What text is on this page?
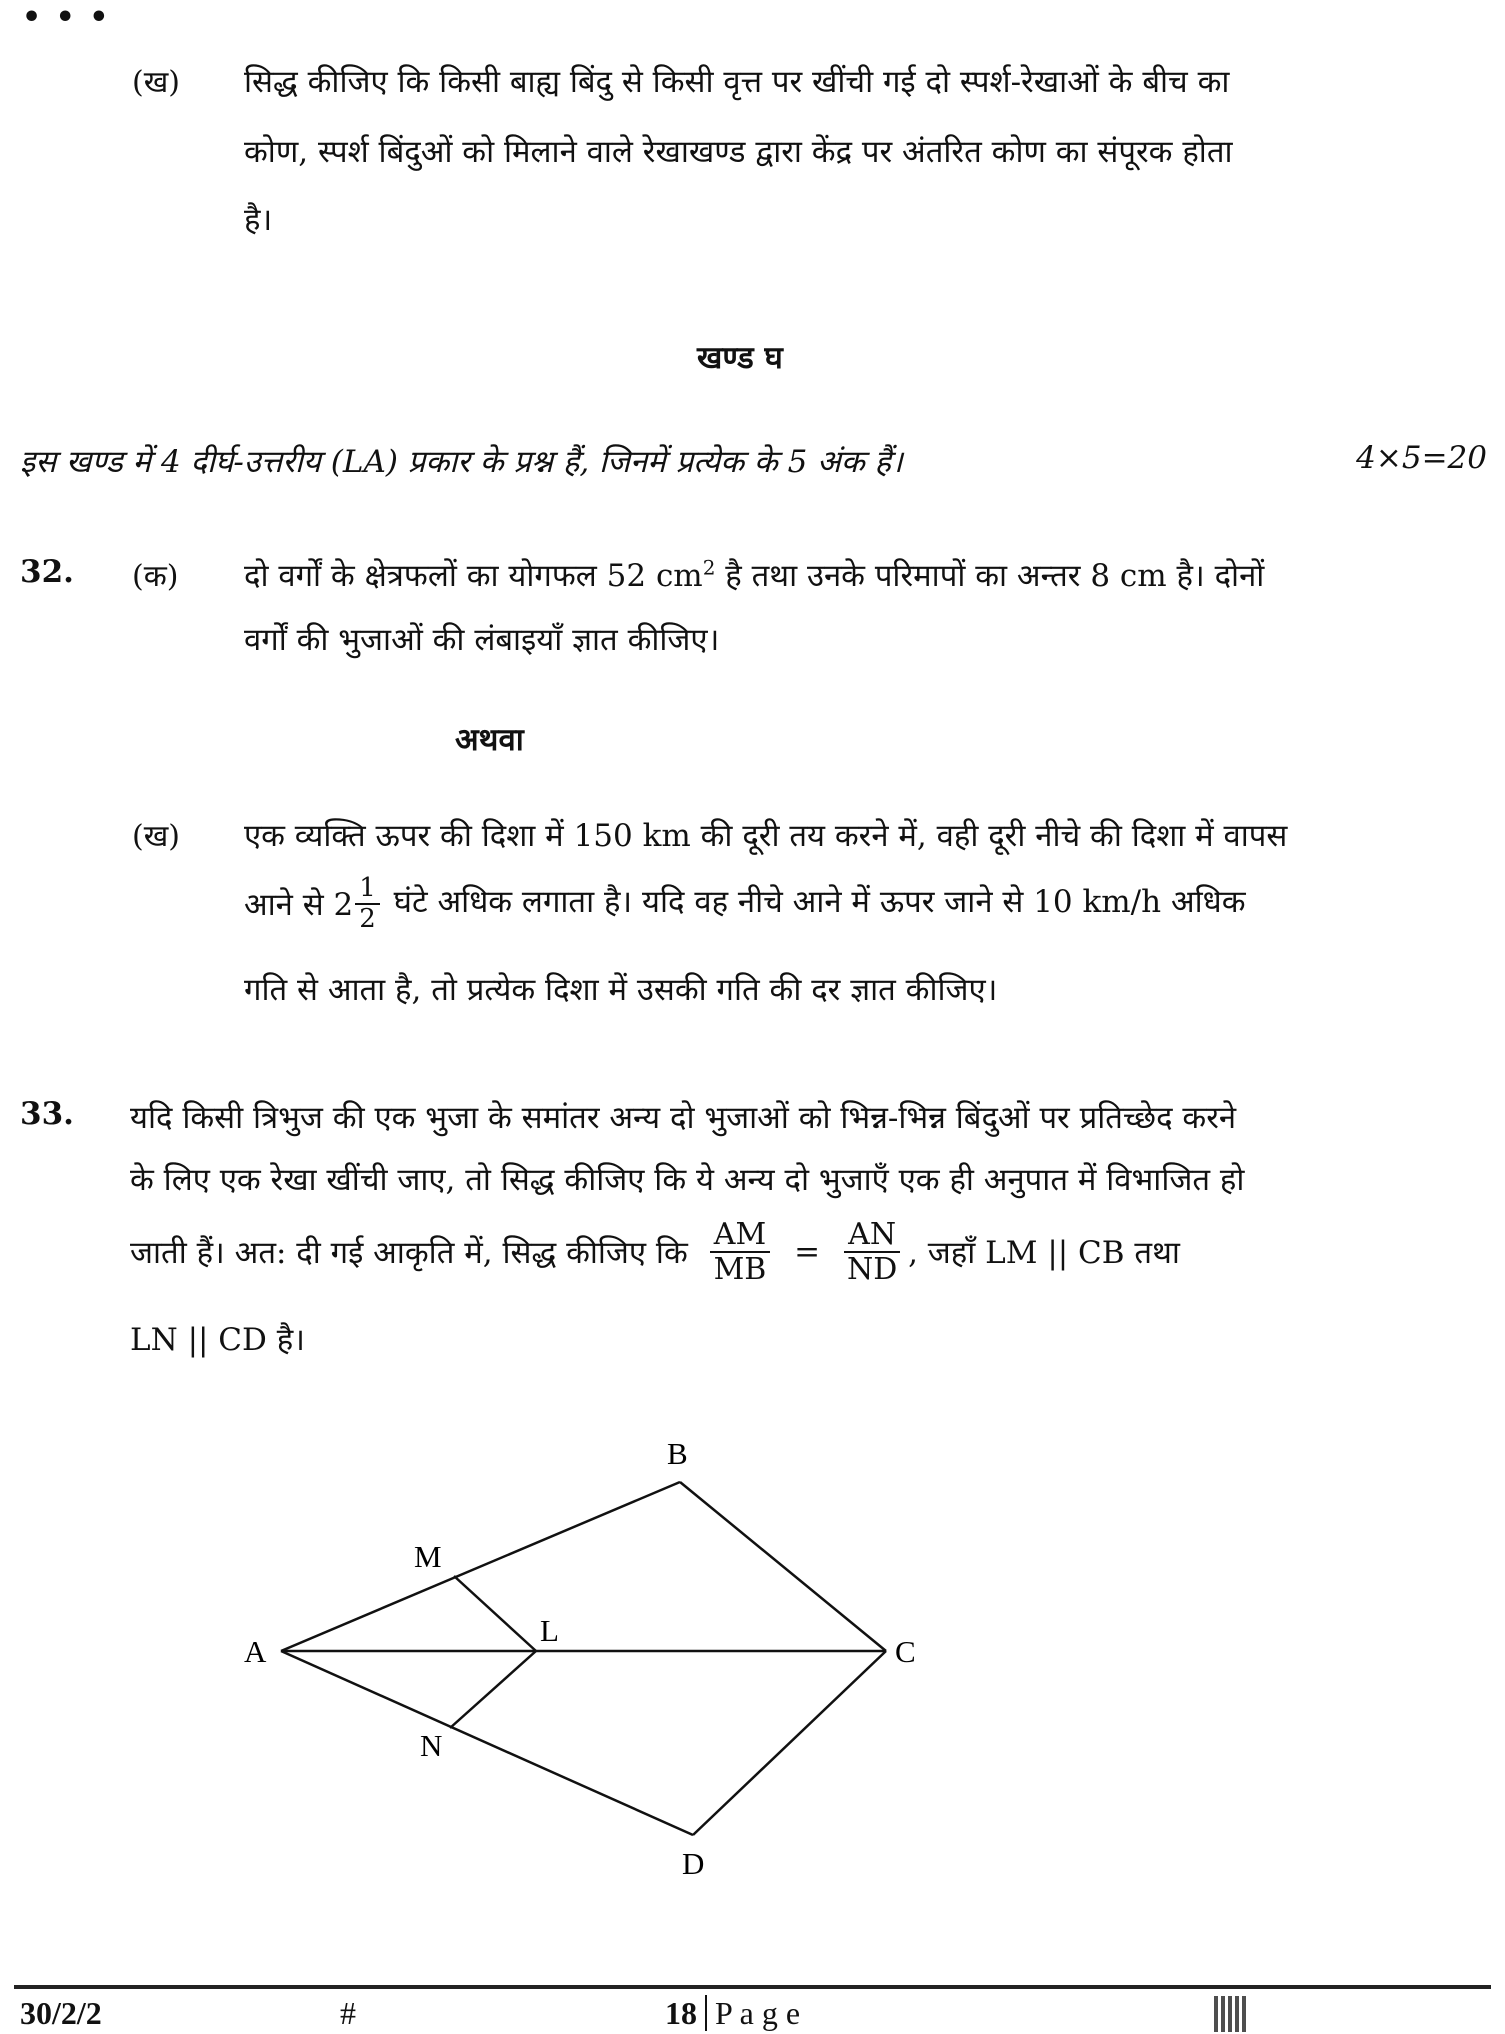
• • •
(ख) सिद्ध कीजिए कि किसी बाह्य बिंदु से किसी वृत्त पर खींची गई दो स्पर्श-रेखाओं के बीच का
कोण, स्पर्श बिंदुओं को मिलाने वाले रेखाखण्ड द्वारा केंद्र पर अंतरित कोण का संपूरक होता
है।
खण्ड घ
इस खण्ड में 4 दीर्घ-उत्तरीय (LA) प्रकार के प्रश्न हैं, जिनमें प्रत्येक के 5 अंक हैं।	4×5=20
32. (क) दो वर्गों के क्षेत्रफलों का योगफल 52 $cm^2$ है तथा उनके परिमापों का अन्तर 8 cm है। दोनों
वर्गों की भुजाओं की लंबाइयाँ ज्ञात कीजिए।
अथवा
(ख) एक व्यक्ति ऊपर की दिशा में 150 km की दूरी तय करने में, वही दूरी नीचे की दिशा में वापस
आने से $2 \frac{1}{2}$ घंटे अधिक लगाता है। यदि वह नीचे आने में ऊपर जाने से 10 km/h अधिक
गति से आता है, तो प्रत्येक दिशा में उसकी गति की दर ज्ञात कीजिए।
33. यदि किसी त्रिभुज की एक भुजा के समांतर अन्य दो भुजाओं को भिन्न-भिन्न बिंदुओं पर प्रतिच्छेद करने
के लिए एक रेखा खींची जाए, तो सिद्ध कीजिए कि ये अन्य दो भुजाएँ एक ही अनुपात में विभाजित हो
जाती हैं। अत: दी गई आकृति में, सिद्ध कीजिए कि $\frac{AM}{MB} = \frac{AN}{ND}$ , जहाँ LM || CB तथा
LN || CD है।
A
B
C
D
M
L
N
30/2/2	#	18 P a g e
